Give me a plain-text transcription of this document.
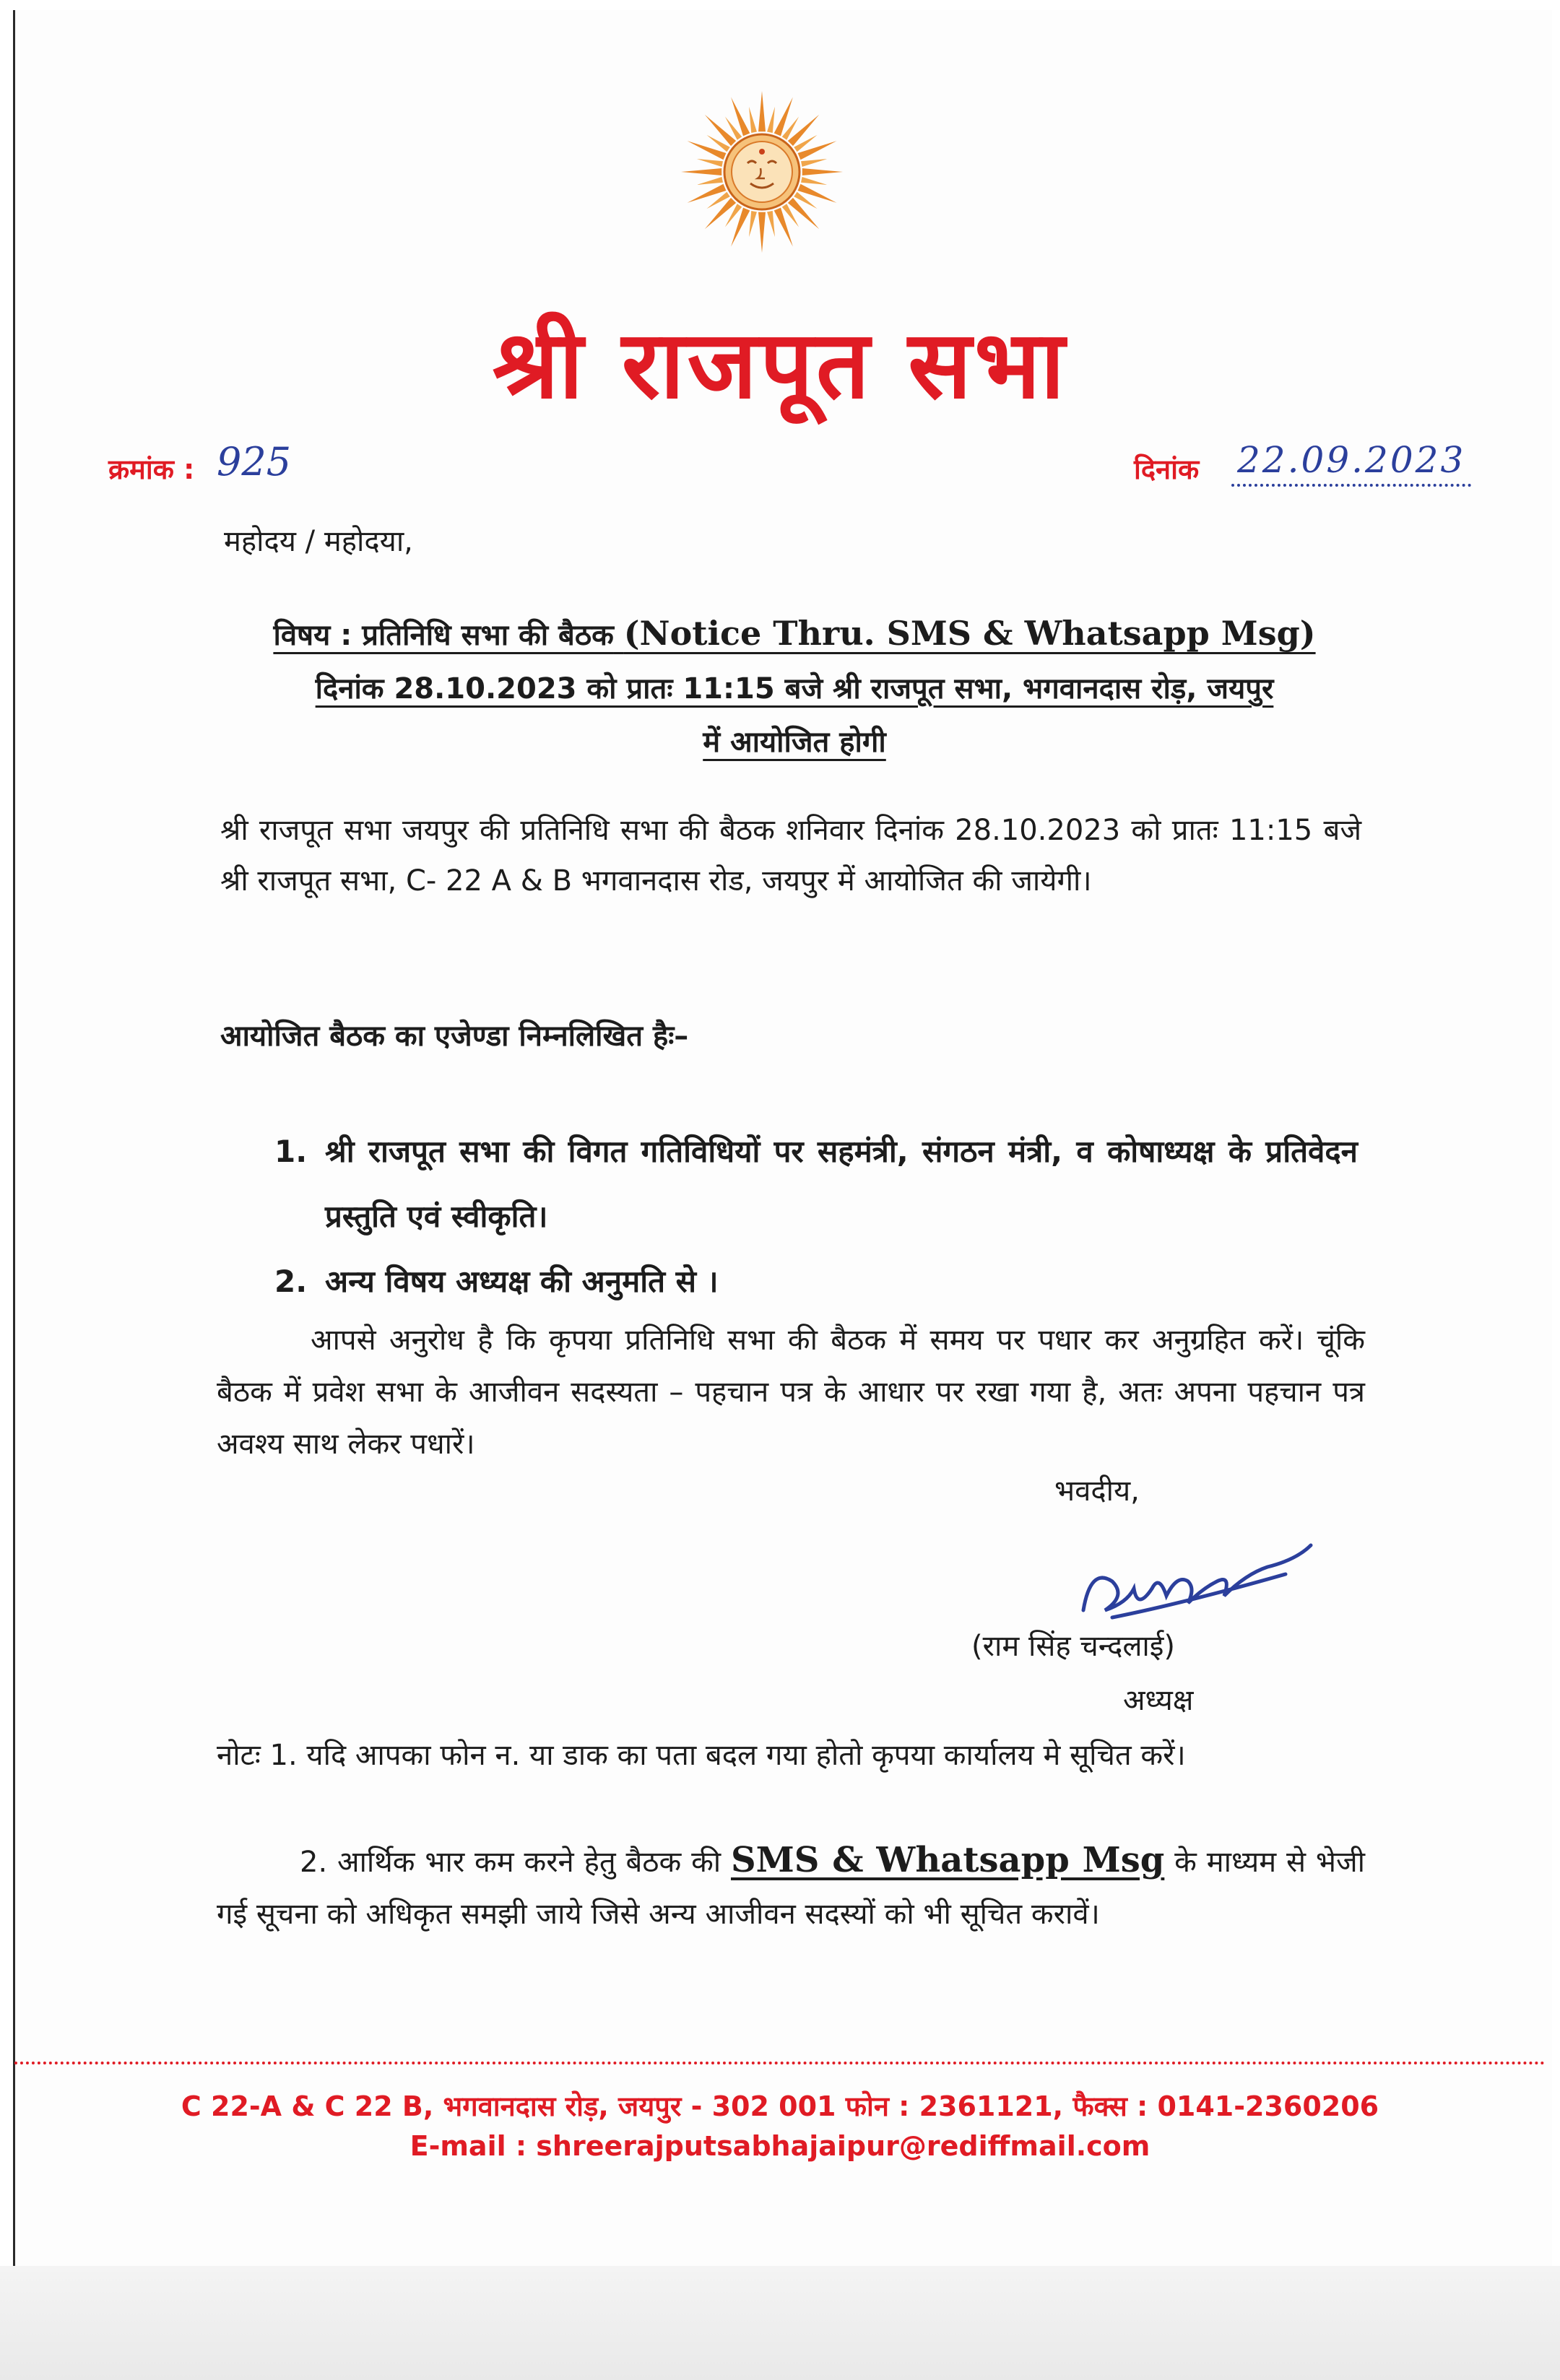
श्री राजपूत सभा
क्रमांक : 925	दिनांक 22.09.2023
महोदय / महोदया,
विषय : प्रतिनिधि सभा की बैठक (Notice Thru. SMS & Whatsapp Msg)
दिनांक 28.10.2023 को प्रातः 11:15 बजे श्री राजपूत सभा, भगवानदास रोड़, जयपुर
में आयोजित होगी
श्री राजपूत सभा जयपुर की प्रतिनिधि सभा की बैठक शनिवार दिनांक 28.10.2023 को प्रातः 11:15 बजे श्री राजपूत सभा, C- 22 A & B भगवानदास रोड, जयपुर में आयोजित की जायेगी।
आयोजित बैठक का एजेण्डा निम्नलिखित हैः–
1. श्री राजपूत सभा की विगत गतिविधियों पर सहमंत्री, संगठन मंत्री, व कोषाध्यक्ष के प्रतिवेदन प्रस्तुति एवं स्वीकृति।
2. अन्य विषय अध्यक्ष की अनुमति से ।
आपसे अनुरोध है कि कृपया प्रतिनिधि सभा की बैठक में समय पर पधार कर अनुग्रहित करें। चूंकि बैठक में प्रवेश सभा के आजीवन सदस्यता – पहचान पत्र के आधार पर रखा गया है, अतः अपना पहचान पत्र अवश्य साथ लेकर पधारें।
भवदीय,
(राम सिंह चन्दलाई)
अध्यक्ष
नोटः 1. यदि आपका फोन न. या डाक का पता बदल गया होतो कृपया कार्यालय मे सूचित करें।
2. आर्थिक भार कम करने हेतु बैठक की SMS & Whatsapp Msg के माध्यम से भेजी गई सूचना को अधिकृत समझी जाये जिसे अन्य आजीवन सदस्यों को भी सूचित करावें।
C 22-A & C 22 B, भगवानदास रोड़, जयपुर - 302 001 फोन : 2361121, फैक्स : 0141-2360206
E-mail : shreerajputsabhajaipur@rediffmail.com
